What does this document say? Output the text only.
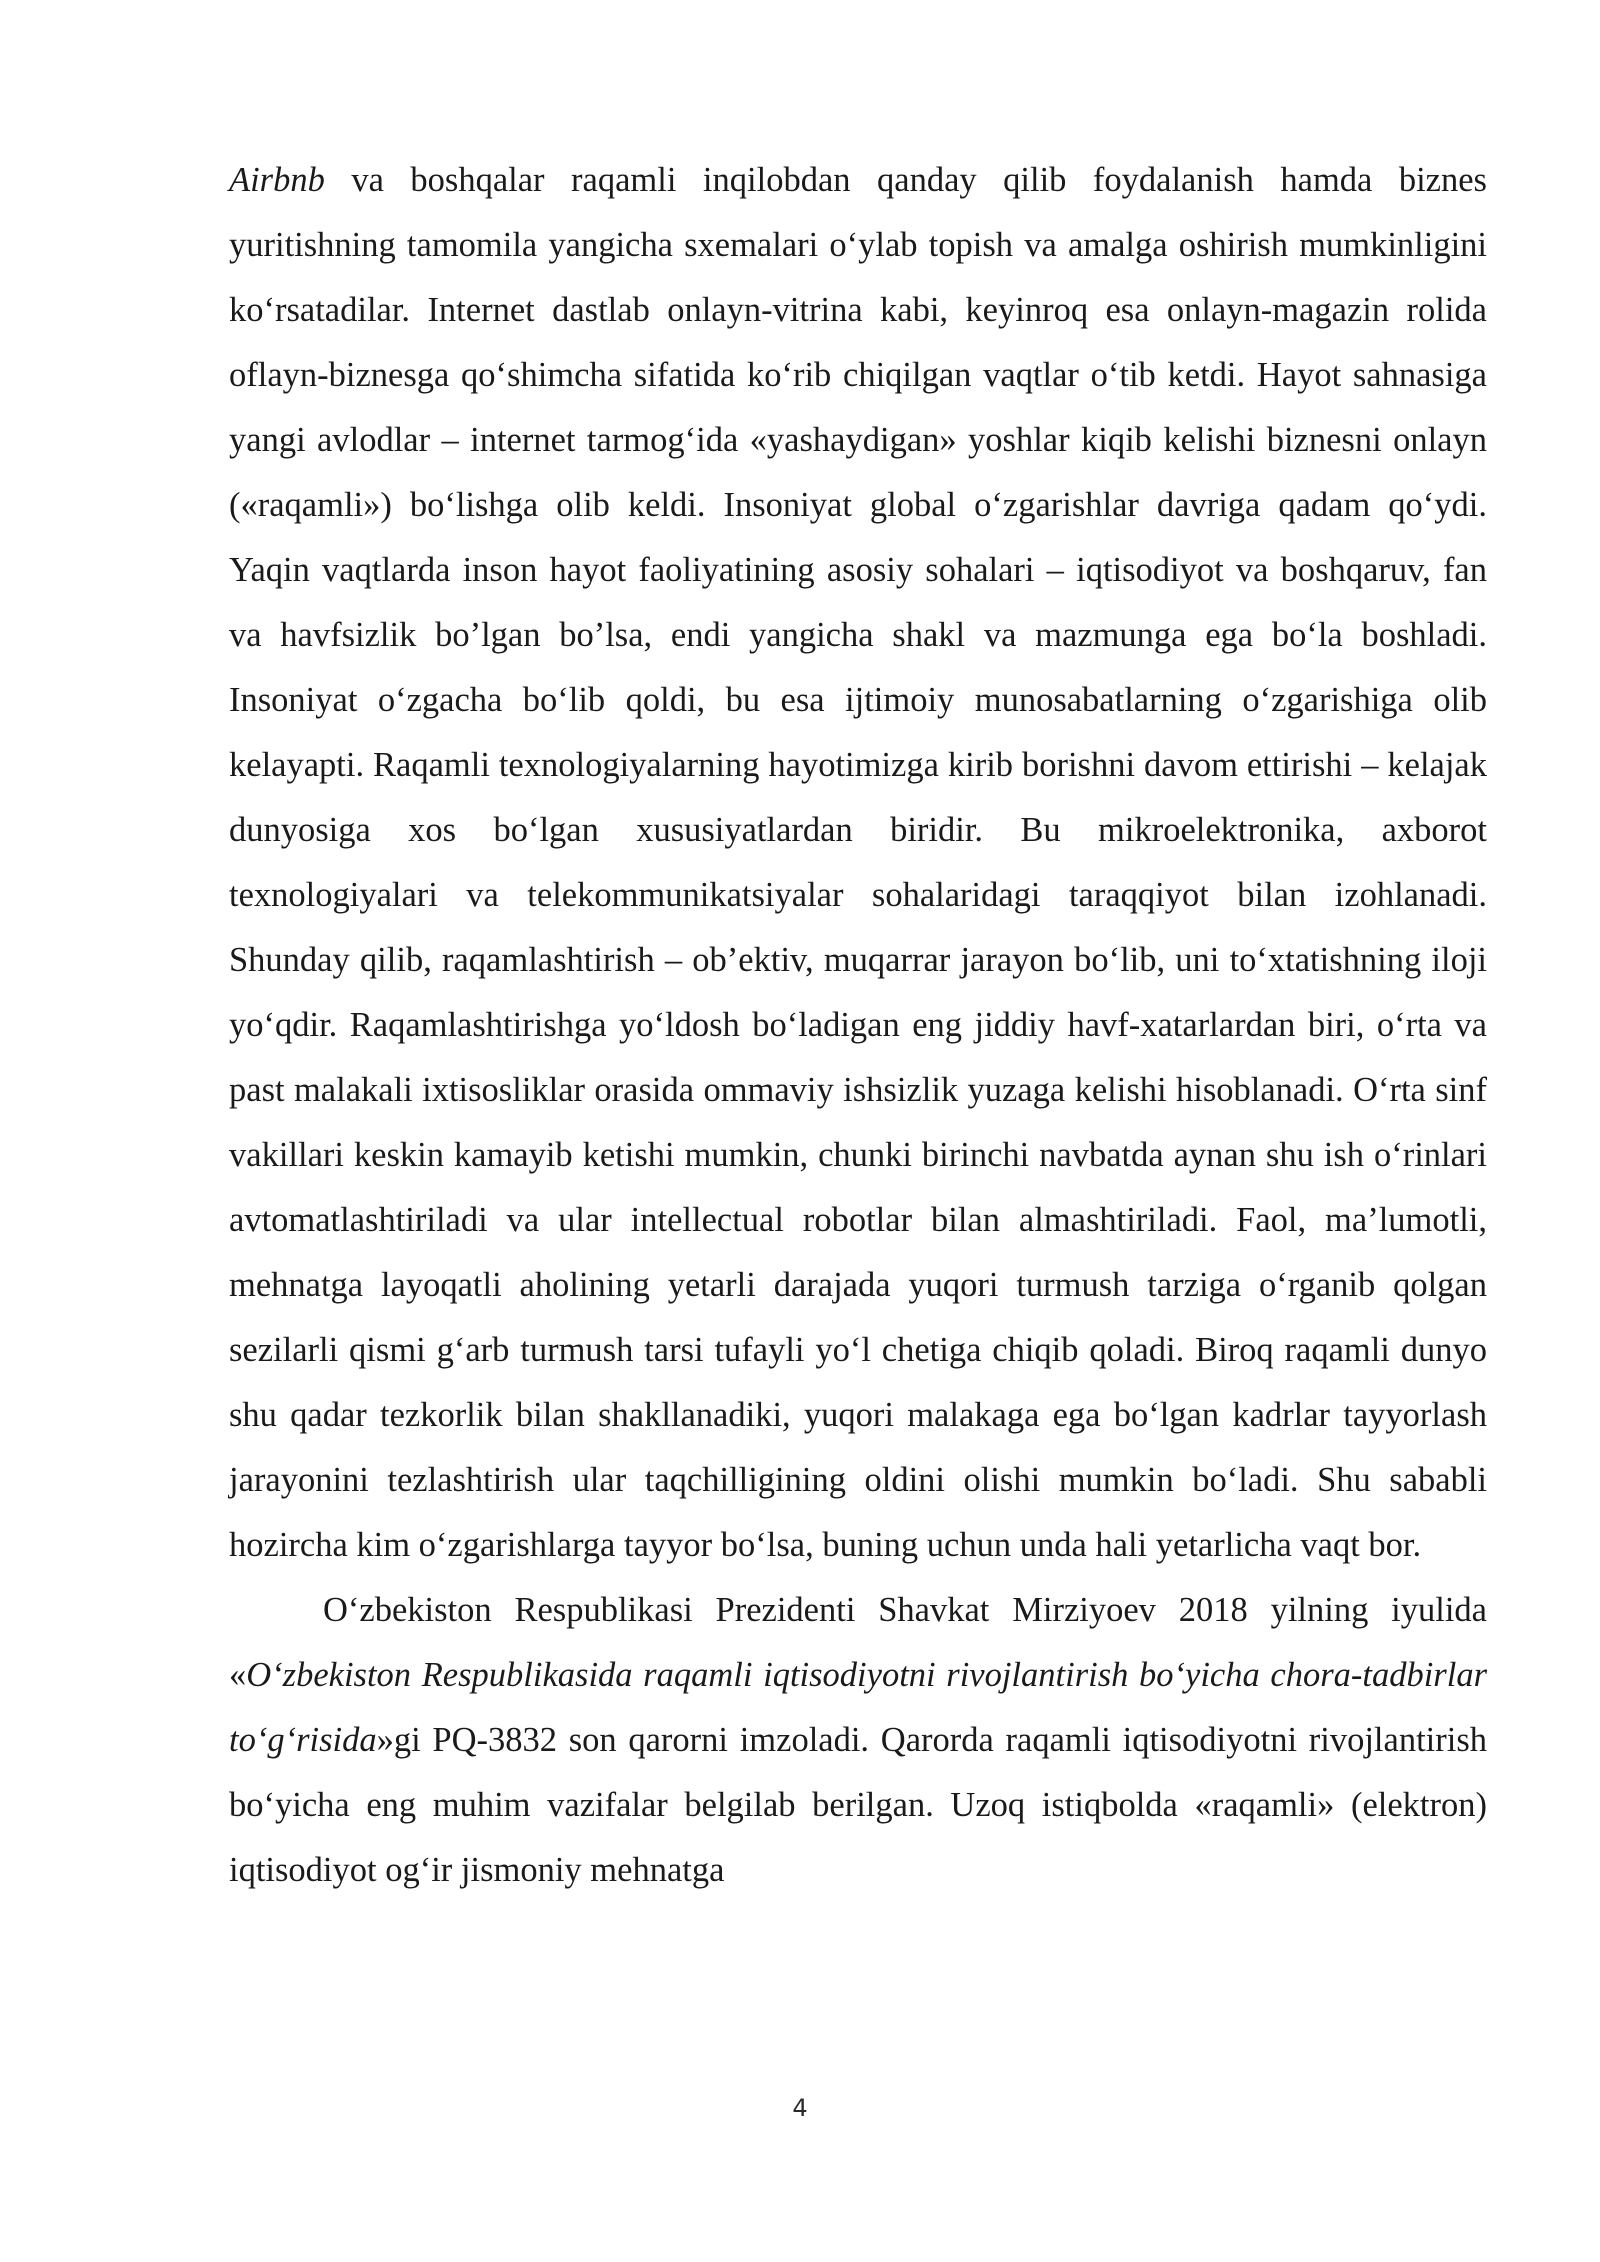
Airbnb va boshqalar raqamli inqilobdan qanday qilib foydalanish hamda biznes yuritishning tamomila yangicha sxemalari o‘ylab topish va amalga oshirish mumkinligini ko‘rsatadilar. Internet dastlab onlayn-vitrina kabi, keyinroq esa onlayn-magazin rolida oflayn-biznesga qo‘shimcha sifatida ko‘rib chiqilgan vaqtlar o‘tib ketdi. Hayot sahnasiga yangi avlodlar – internet tarmog‘ida «yashaydigan» yoshlar kiqib kelishi biznesni onlayn («raqamli») bo‘lishga olib keldi. Insoniyat global o‘zgarishlar davriga qadam qo‘ydi. Yaqin vaqtlarda inson hayot faoliyatining asosiy sohalari – iqtisodiyot va boshqaruv, fan va havfsizlik bo’lgan bo’lsa, endi yangicha shakl va mazmunga ega bo‘la boshladi. Insoniyat o‘zgacha bo‘lib qoldi, bu esa ijtimoiy munosabatlarning o‘zgarishiga olib kelayapti. Raqamli texnologiyalarning hayotimizga kirib borishni davom ettirishi – kelajak dunyosiga xos bo‘lgan xususiyatlardan biridir. Bu mikroelektronika, axborot texnologiyalari va telekommunikatsiyalar sohalaridagi taraqqiyot bilan izohlanadi. Shunday qilib, raqamlashtirish – ob’ektiv, muqarrar jarayon bo‘lib, uni to‘xtatishning iloji yo‘qdir. Raqamlashtirishga yo‘ldosh bo‘ladigan eng jiddiy havf-xatarlardan biri, o‘rta va past malakali ixtisosliklar orasida ommaviy ishsizlik yuzaga kelishi hisoblanadi. O‘rta sinf vakillari keskin kamayib ketishi mumkin, chunki birinchi navbatda aynan shu ish o‘rinlari avtomatlashtiriladi va ular intellectual robotlar bilan almashtiriladi. Faol, ma’lumotli, mehnatga layoqatli aholining yetarli darajada yuqori turmush tarziga o‘rganib qolgan sezilarli qismi g‘arb turmush tarsi tufayli yo‘l chetiga chiqib qoladi. Biroq raqamli dunyo shu qadar tezkorlik bilan shakllanadiki, yuqori malakaga ega bo‘lgan kadrlar tayyorlash jarayonini tezlashtirish ular taqchilligining oldini olishi mumkin bo‘ladi. Shu sababli hozircha kim o‘zgarishlarga tayyor bo‘lsa, buning uchun unda hali yetarlicha vaqt bor.

O‘zbekiston Respublikasi Prezidenti Shavkat Mirziyoev 2018 yilning iyulida «O‘zbekiston Respublikasida raqamli iqtisodiyotni rivojlantirish bo‘yicha chora-tadbirlar to‘g‘risida»gi PQ-3832 son qarorni imzoladi. Qarorda raqamli iqtisodiyotni rivojlantirish bo‘yicha eng muhim vazifalar belgilab berilgan. Uzoq istiqbolda «raqamli» (elektron) iqtisodiyot og‘ir jismoniy mehnatga

4
